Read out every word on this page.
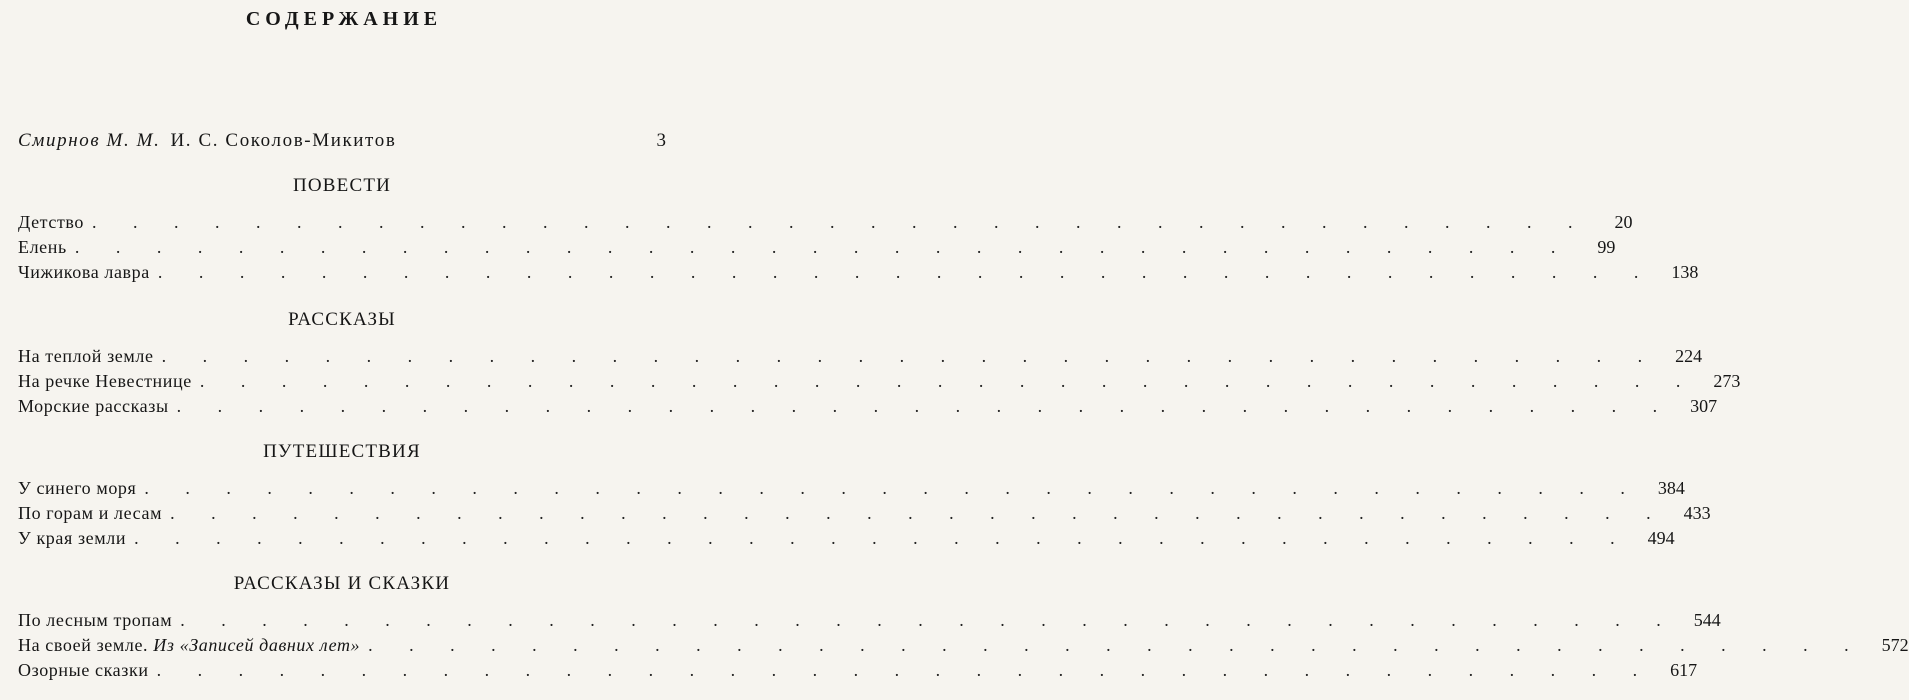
СОДЕРЖАНИЕ
Смирнов М. М. И. С. Соколов-Микитов	3
ПОВЕСТИ
Детство . . . . . . . . . . . . . . . . . . . . . . . . . . . . . . . . . . . . .	20
Елень . . . . . . . . . . . . . . . . . . . . . . . . . . . . . . . . . . . . .	99
Чижикова лавра . . . . . . . . . . . . . . . . . . . . . . . . . . . . . . . . . . . . . 138
РАССКАЗЫ
На теплой земле . . . . . . . . . . . . . . . . . . . . . . . . . . . . . . . . . . . . . 224
На речке Невестнице . . . . . . . . . . . . . . . . . . . . . . . . . . . . . . . . . . . . . 273
Морские рассказы . . . . . . . . . . . . . . . . . . . . . . . . . . . . . . . . . . . . . 307
ПУТЕШЕСТВИЯ
У синего моря . . . . . . . . . . . . . . . . . . . . . . . . . . . . . . . . . . . . . 384
По горам и лесам . . . . . . . . . . . . . . . . . . . . . . . . . . . . . . . . . . . . . 433
У края земли . . . . . . . . . . . . . . . . . . . . . . . . . . . . . . . . . . . . . 494
РАССКАЗЫ И СКАЗКИ
По лесным тропам . . . . . . . . . . . . . . . . . . . . . . . . . . . . . . . . . . . . . 544
На своей земле. Из «Записей давних лет» . . . . . . . . . . . . . . . . . . . . . . . . . . . . . . . . . . . . . 572
Озорные сказки . . . . . . . . . . . . . . . . . . . . . . . . . . . . . . . . . . . . . 617
